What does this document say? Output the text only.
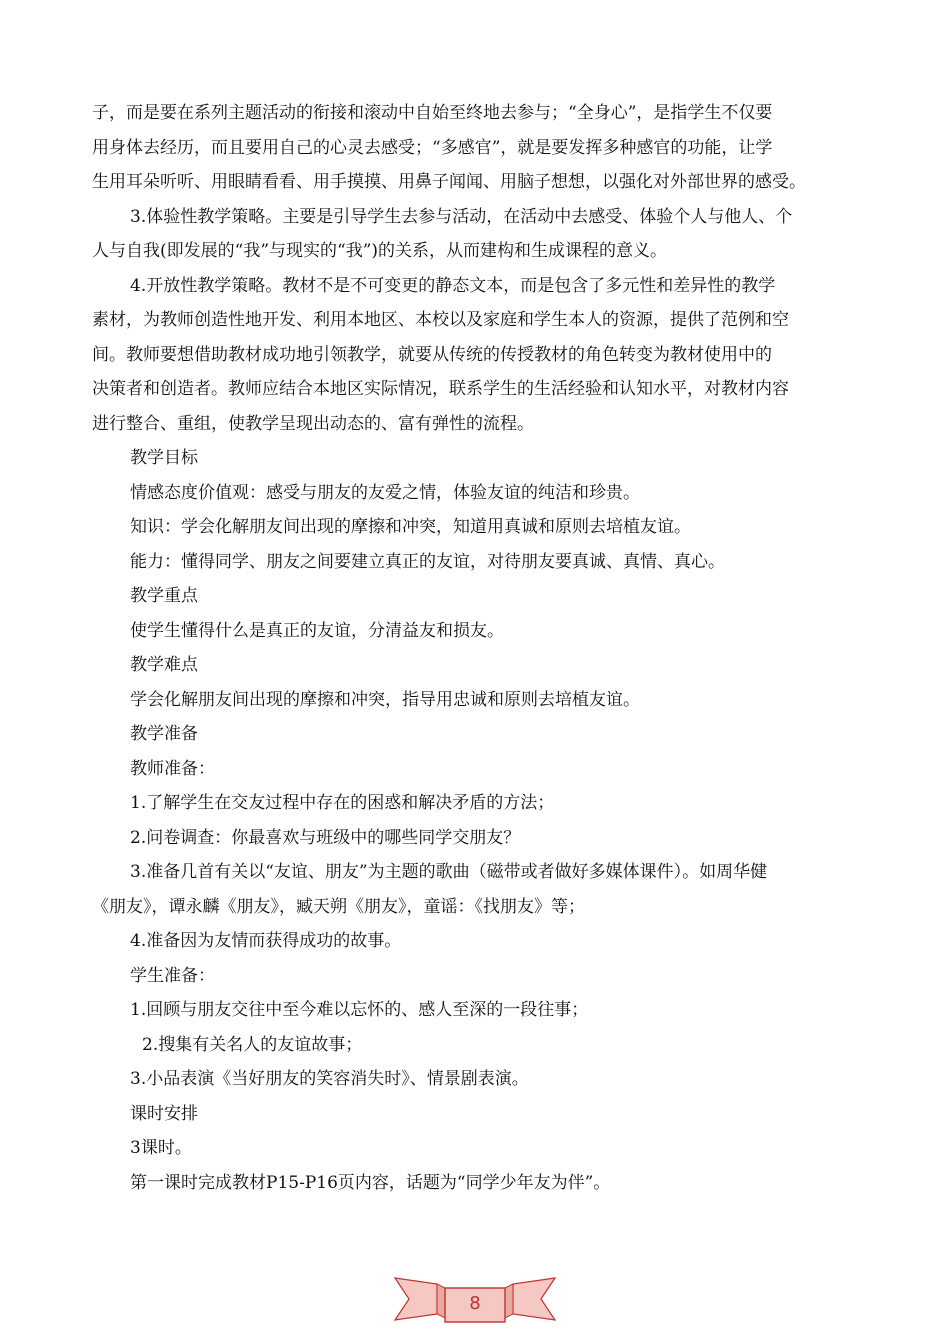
子，而是要在系列主题活动的衔接和滚动中自始至终地去参与；“全身心”，是指学生不仅要
用身体去经历，而且要用自己的心灵去感受；“多感官”，就是要发挥多种感官的功能，让学
生用耳朵听听、用眼睛看看、用手摸摸、用鼻子闻闻、用脑子想想，以强化对外部世界的感受。
3.体验性教学策略。主要是引导学生去参与活动，在活动中去感受、体验个人与他人、个
人与自我(即发展的“我”与现实的“我”)的关系，从而建构和生成课程的意义。
4.开放性教学策略。教材不是不可变更的静态文本，而是包含了多元性和差异性的教学
素材，为教师创造性地开发、利用本地区、本校以及家庭和学生本人的资源，提供了范例和空
间。教师要想借助教材成功地引领教学，就要从传统的传授教材的角色转变为教材使用中的
决策者和创造者。教师应结合本地区实际情况，联系学生的生活经验和认知水平，对教材内容
进行整合、重组，使教学呈现出动态的、富有弹性的流程。
教学目标
情感态度价值观：感受与朋友的友爱之情，体验友谊的纯洁和珍贵。
知识：学会化解朋友间出现的摩擦和冲突，知道用真诚和原则去培植友谊。
能力：懂得同学、朋友之间要建立真正的友谊，对待朋友要真诚、真情、真心。
教学重点
使学生懂得什么是真正的友谊，分清益友和损友。
教学难点
学会化解朋友间出现的摩擦和冲突，指导用忠诚和原则去培植友谊。
教学准备
教师准备：
1.了解学生在交友过程中存在的困惑和解决矛盾的方法；
2.问卷调查：你最喜欢与班级中的哪些同学交朋友？
3.准备几首有关以“友谊、朋友”为主题的歌曲（磁带或者做好多媒体课件）。如周华健
《朋友》，谭永麟《朋友》，臧天朔《朋友》，童谣：《找朋友》等；
4.准备因为友情而获得成功的故事。
学生准备：
1.回顾与朋友交往中至今难以忘怀的、感人至深的一段往事；
2.搜集有关名人的友谊故事；
3.小品表演《当好朋友的笑容消失时》、情景剧表演。
课时安排
3课时。
第一课时完成教材P15-P16页内容，话题为“同学少年友为伴”。
8
